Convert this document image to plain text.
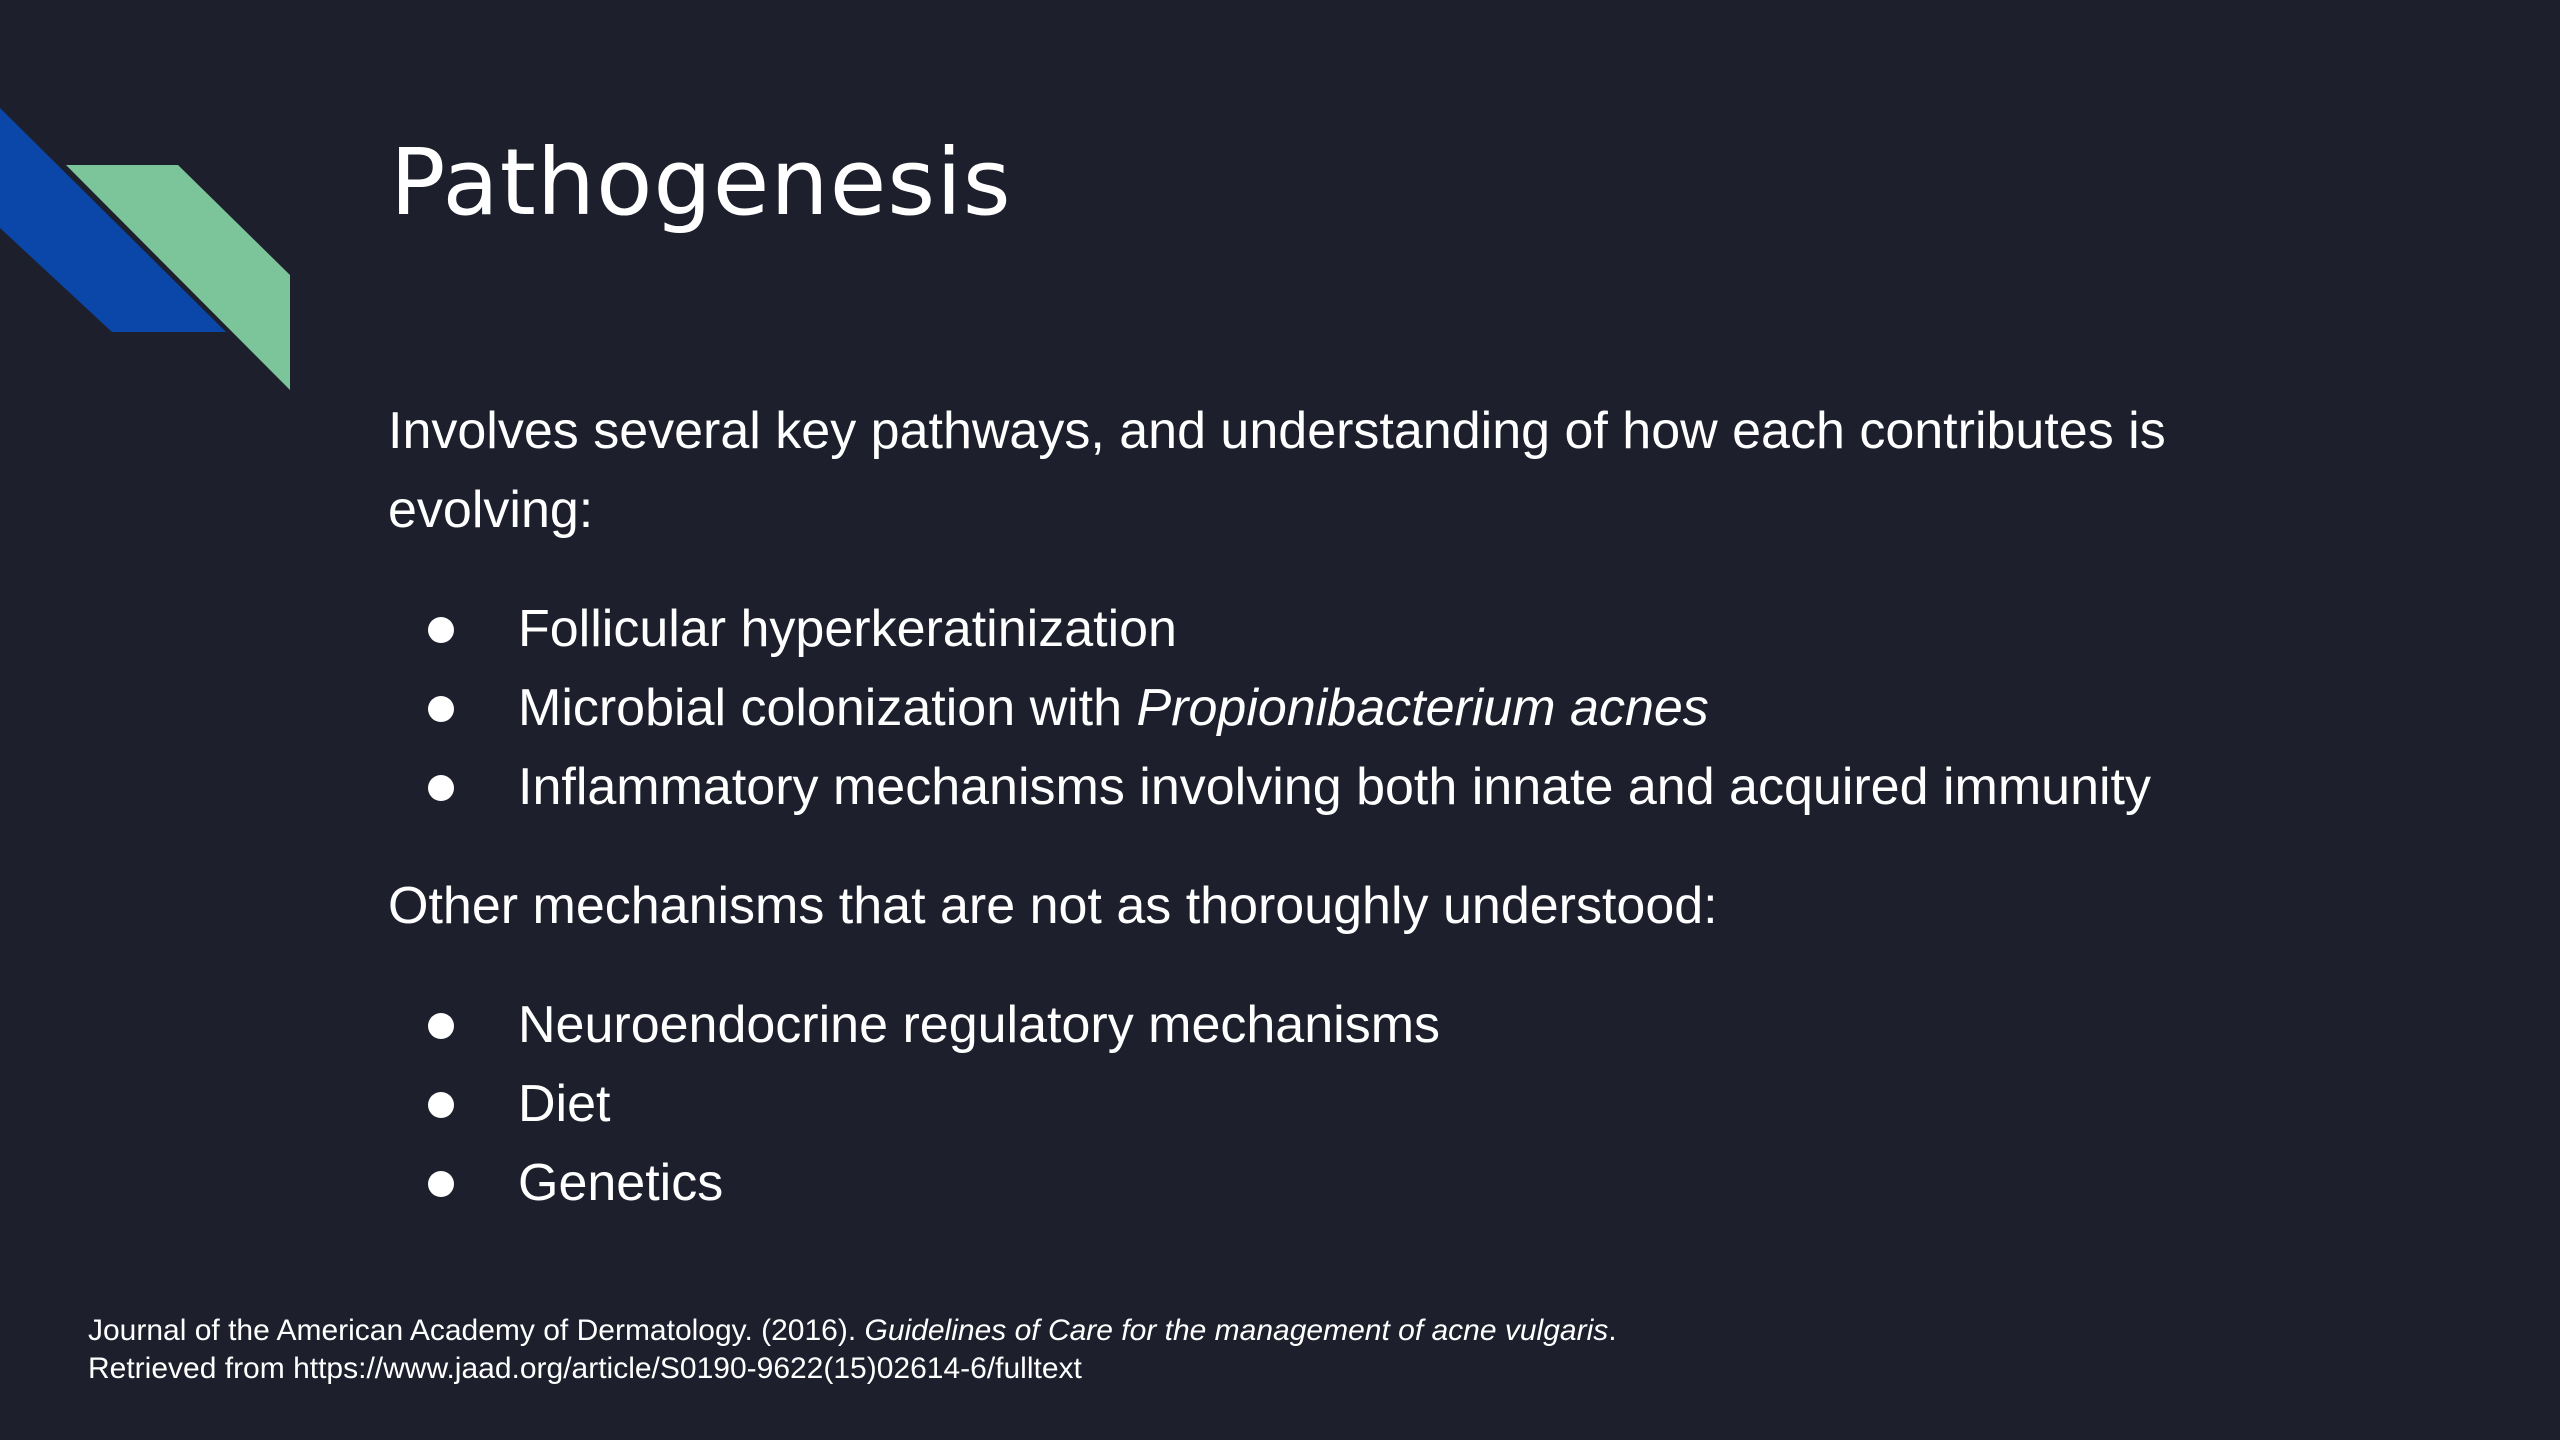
Pathogenesis

Involves several key pathways, and understanding of how each contributes is evolving:

Follicular hyperkeratinization
Microbial colonization with Propionibacterium acnes
Inflammatory mechanisms involving both innate and acquired immunity

Other mechanisms that are not as thoroughly understood:

Neuroendocrine regulatory mechanisms
Diet
Genetics
Journal of the American Academy of Dermatology. (2016). Guidelines of Care for the management of acne vulgaris. Retrieved from https://www.jaad.org/article/S0190-9622(15)02614-6/fulltext
